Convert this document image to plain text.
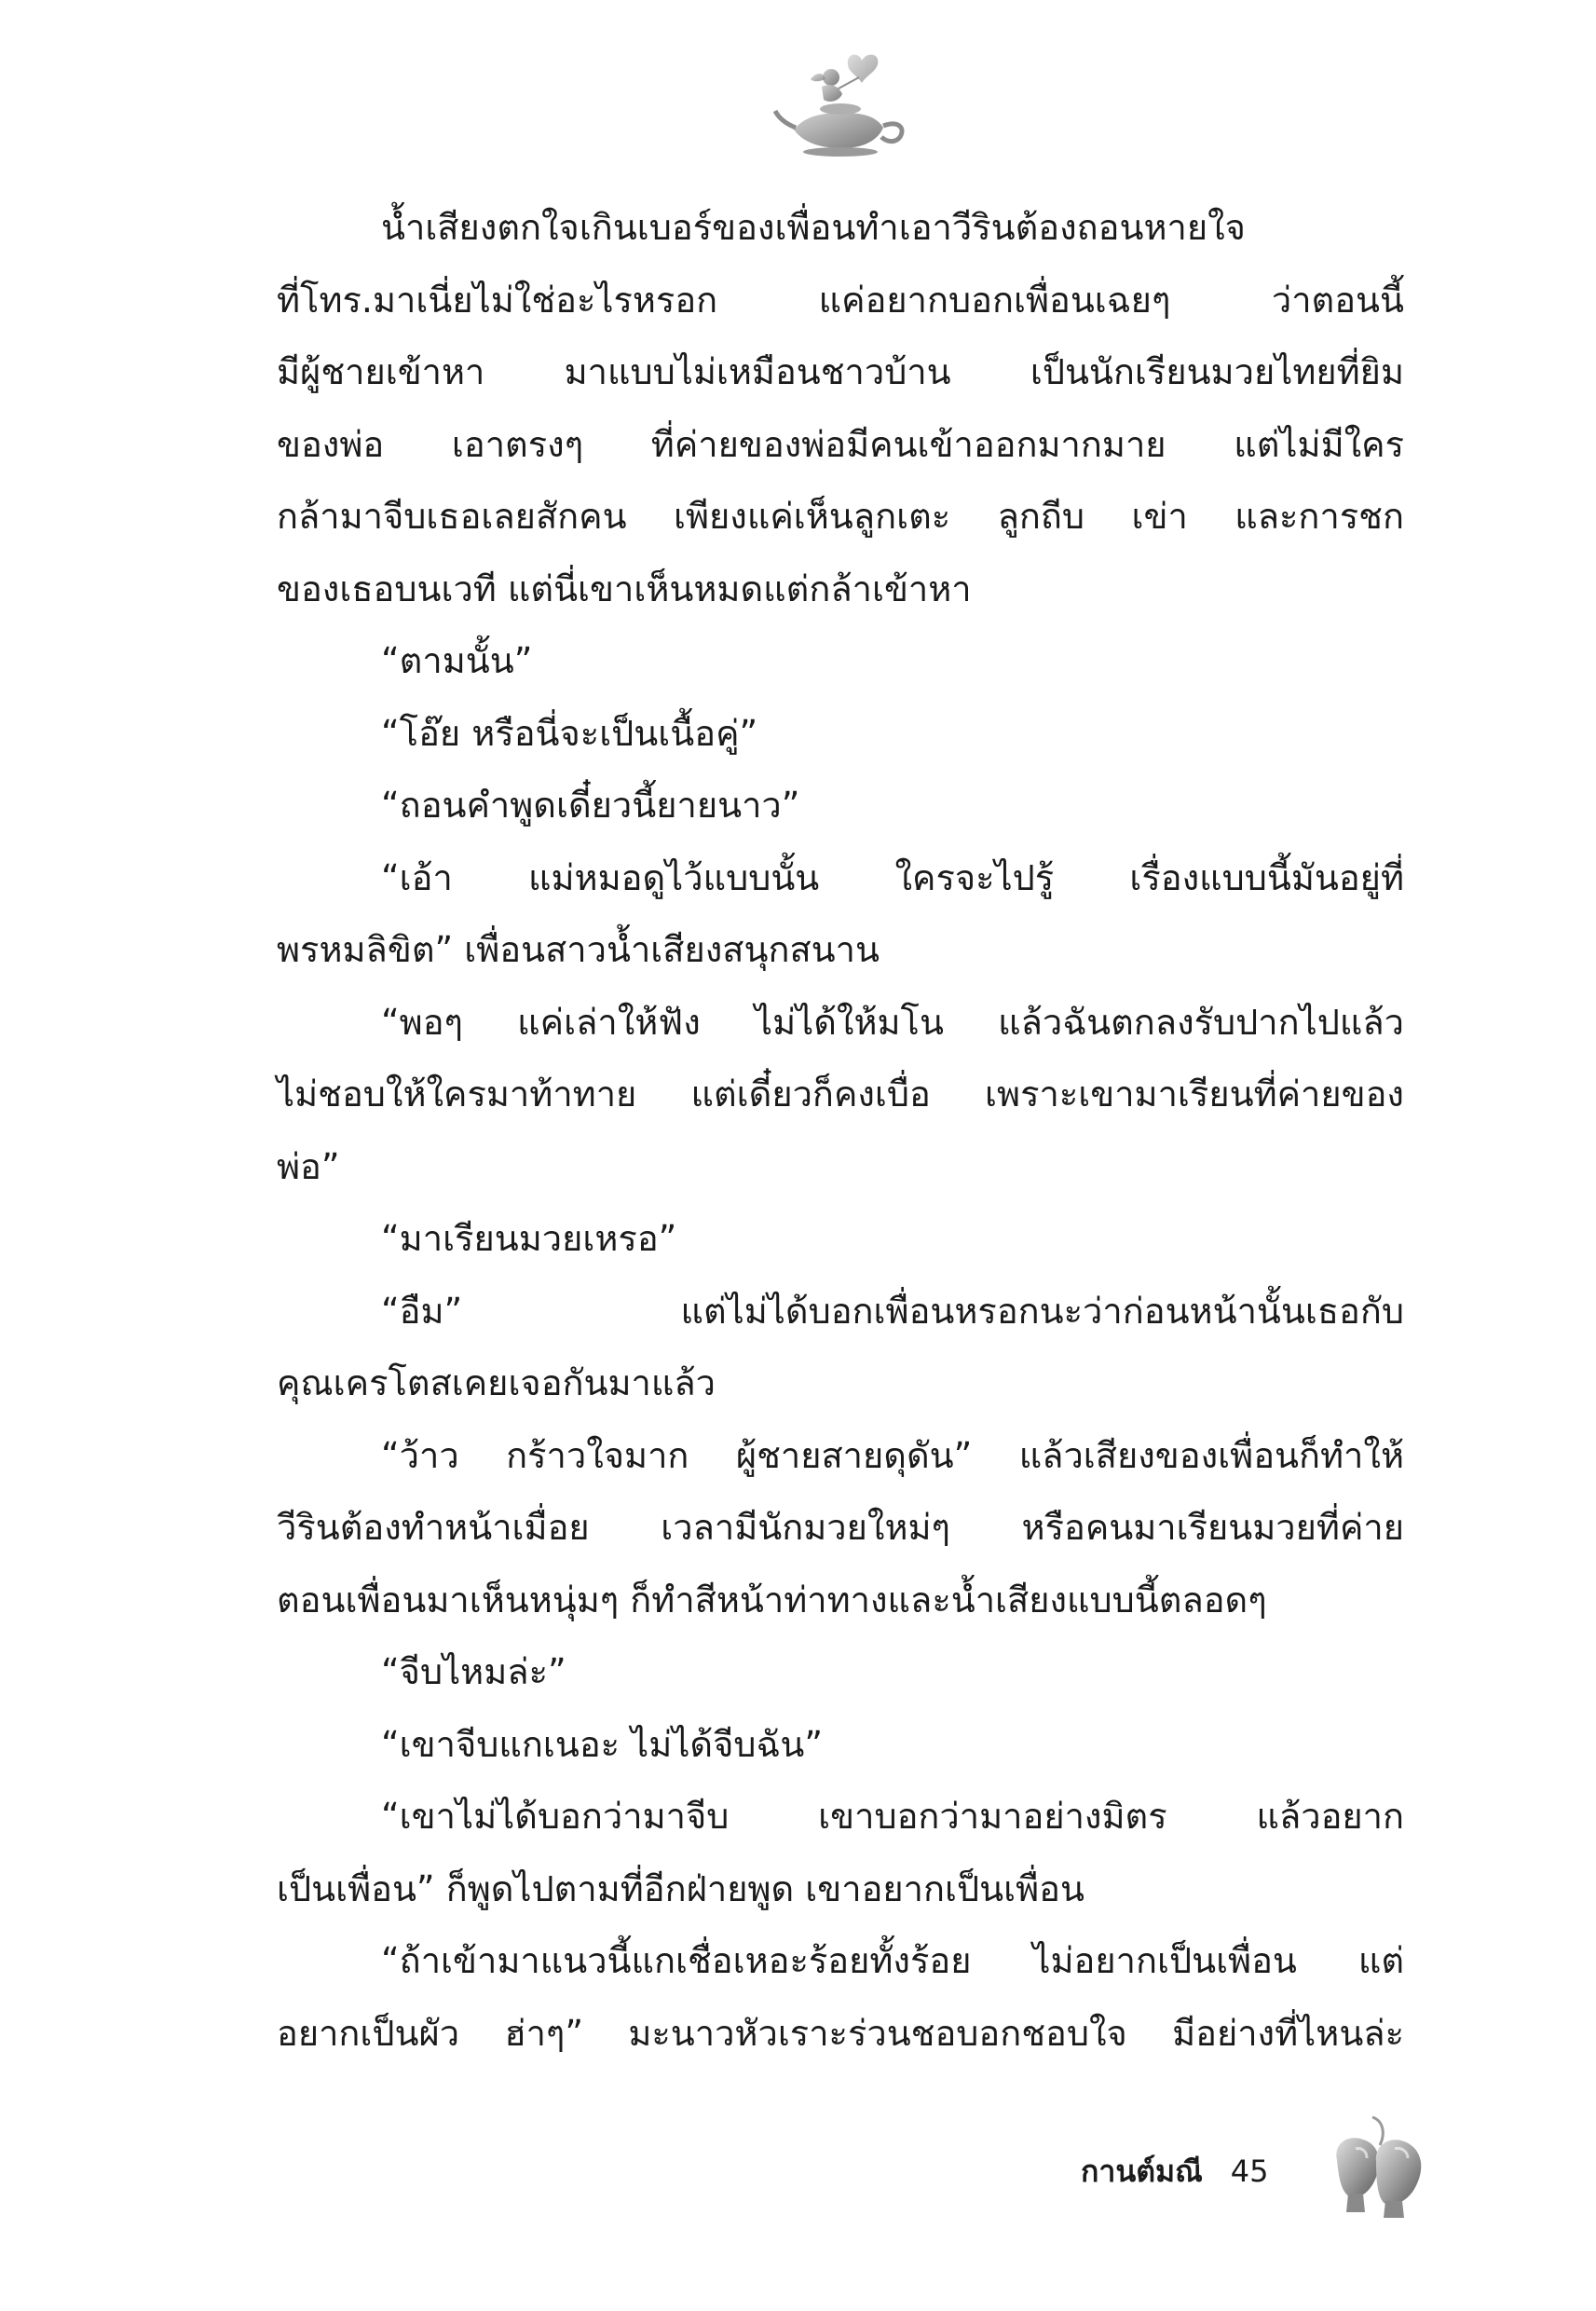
น้ำเสียงตกใจเกินเบอร์ของเพื่อนทำเอาวีรินต้องถอนหายใจ
ที่โทร.มาเนี่ยไม่ใช่อะไรหรอก แค่อยากบอกเพื่อนเฉยๆ ว่าตอนนี้
มีผู้ชายเข้าหา มาแบบไม่เหมือนชาวบ้าน เป็นนักเรียนมวยไทยที่ยิม
ของพ่อ เอาตรงๆ ที่ค่ายของพ่อมีคนเข้าออกมากมาย แต่ไม่มีใคร
กล้ามาจีบเธอเลยสักคน เพียงแค่เห็นลูกเตะ ลูกถีบ เข่า และการชก
ของเธอบนเวที แต่นี่เขาเห็นหมดแต่กล้าเข้าหา
“ตามนั้น”
“โอ๊ย หรือนี่จะเป็นเนื้อคู่”
“ถอนคำพูดเดี๋ยวนี้ยายนาว”
“เอ้า แม่หมอดูไว้แบบนั้น ใครจะไปรู้ เรื่องแบบนี้มันอยู่ที่
พรหมลิขิต” เพื่อนสาวน้ำเสียงสนุกสนาน
“พอๆ แค่เล่าให้ฟัง ไม่ได้ให้มโน แล้วฉันตกลงรับปากไปแล้ว
ไม่ชอบให้ใครมาท้าทาย แต่เดี๋ยวก็คงเบื่อ เพราะเขามาเรียนที่ค่ายของ
พ่อ”
“มาเรียนมวยเหรอ”
“อืม” แต่ไม่ได้บอกเพื่อนหรอกนะว่าก่อนหน้านั้นเธอกับ
คุณเครโตสเคยเจอกันมาแล้ว
“ว้าว กร้าวใจมาก ผู้ชายสายดุดัน” แล้วเสียงของเพื่อนก็ทำให้
วีรินต้องทำหน้าเมื่อย เวลามีนักมวยใหม่ๆ หรือคนมาเรียนมวยที่ค่าย
ตอนเพื่อนมาเห็นหนุ่มๆ ก็ทำสีหน้าท่าทางและน้ำเสียงแบบนี้ตลอดๆ
“จีบไหมล่ะ”
“เขาจีบแกเนอะ ไม่ได้จีบฉัน”
“เขาไม่ได้บอกว่ามาจีบ เขาบอกว่ามาอย่างมิตร แล้วอยาก
เป็นเพื่อน” ก็พูดไปตามที่อีกฝ่ายพูด เขาอยากเป็นเพื่อน
“ถ้าเข้ามาแนวนี้แกเชื่อเหอะร้อยทั้งร้อย ไม่อยากเป็นเพื่อน แต่
อยากเป็นผัว ฮ่าๆ” มะนาวหัวเราะร่วนชอบอกชอบใจ มีอย่างที่ไหนล่ะ
กานต์มณี 45
